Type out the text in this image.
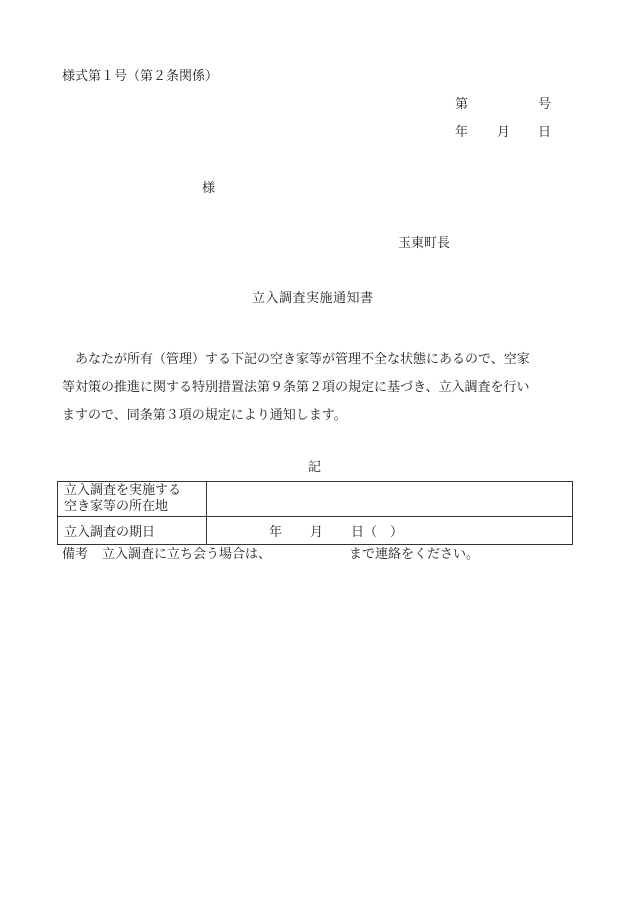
様式第１号（第２条関係）
第	号
年 月 日
様
玉東町長
立入調査実施通知書
　あなたが所有（管理）する下記の空き家等が管理不全な状態にあるので、空家
等対策の推進に関する特別措置法第９条第２項の規定に基づき、立入調査を行い
ますので、同条第３項の規定により通知します。
記
立入調査を実施する
空き家等の所在地	

立入調査の期日	年 月 日（　）
備考 立入調査に立ち会う場合は、	まで連絡をください。
